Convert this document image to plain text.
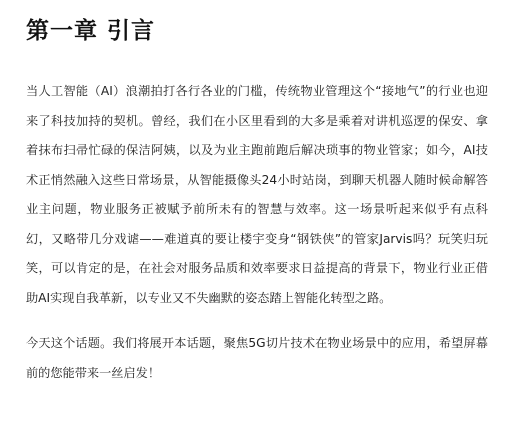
第一章 引言

当人工智能（AI）浪潮拍打各行各业的门槛，传统物业管理这个“接地气”的行业也迎来了科技加持的契机。曾经，我们在小区里看到的大多是乘着对讲机巡逻的保安、拿着抹布扫帚忙碌的保洁阿姨，以及为业主跑前跑后解决琐事的物业管家；如今，AI技术正悄然融入这些日常场景，从智能摄像头24小时站岗，到聊天机器人随时候命解答业主问题，物业服务正被赋予前所未有的智慧与效率。这一场景听起来似乎有点科幻，又略带几分戏谑——难道真的要让楼宇变身“钢铁侠”的管家Jarvis吗？玩笑归玩笑，可以肯定的是，在社会对服务品质和效率要求日益提高的背景下，物业行业正借助AI实现自我革新，以专业又不失幽默的姿态踏上智能化转型之路。

今天这个话题。我们将展开本话题，聚焦5G切片技术在物业场景中的应用，希望屏幕前的您能带来一丝启发！
